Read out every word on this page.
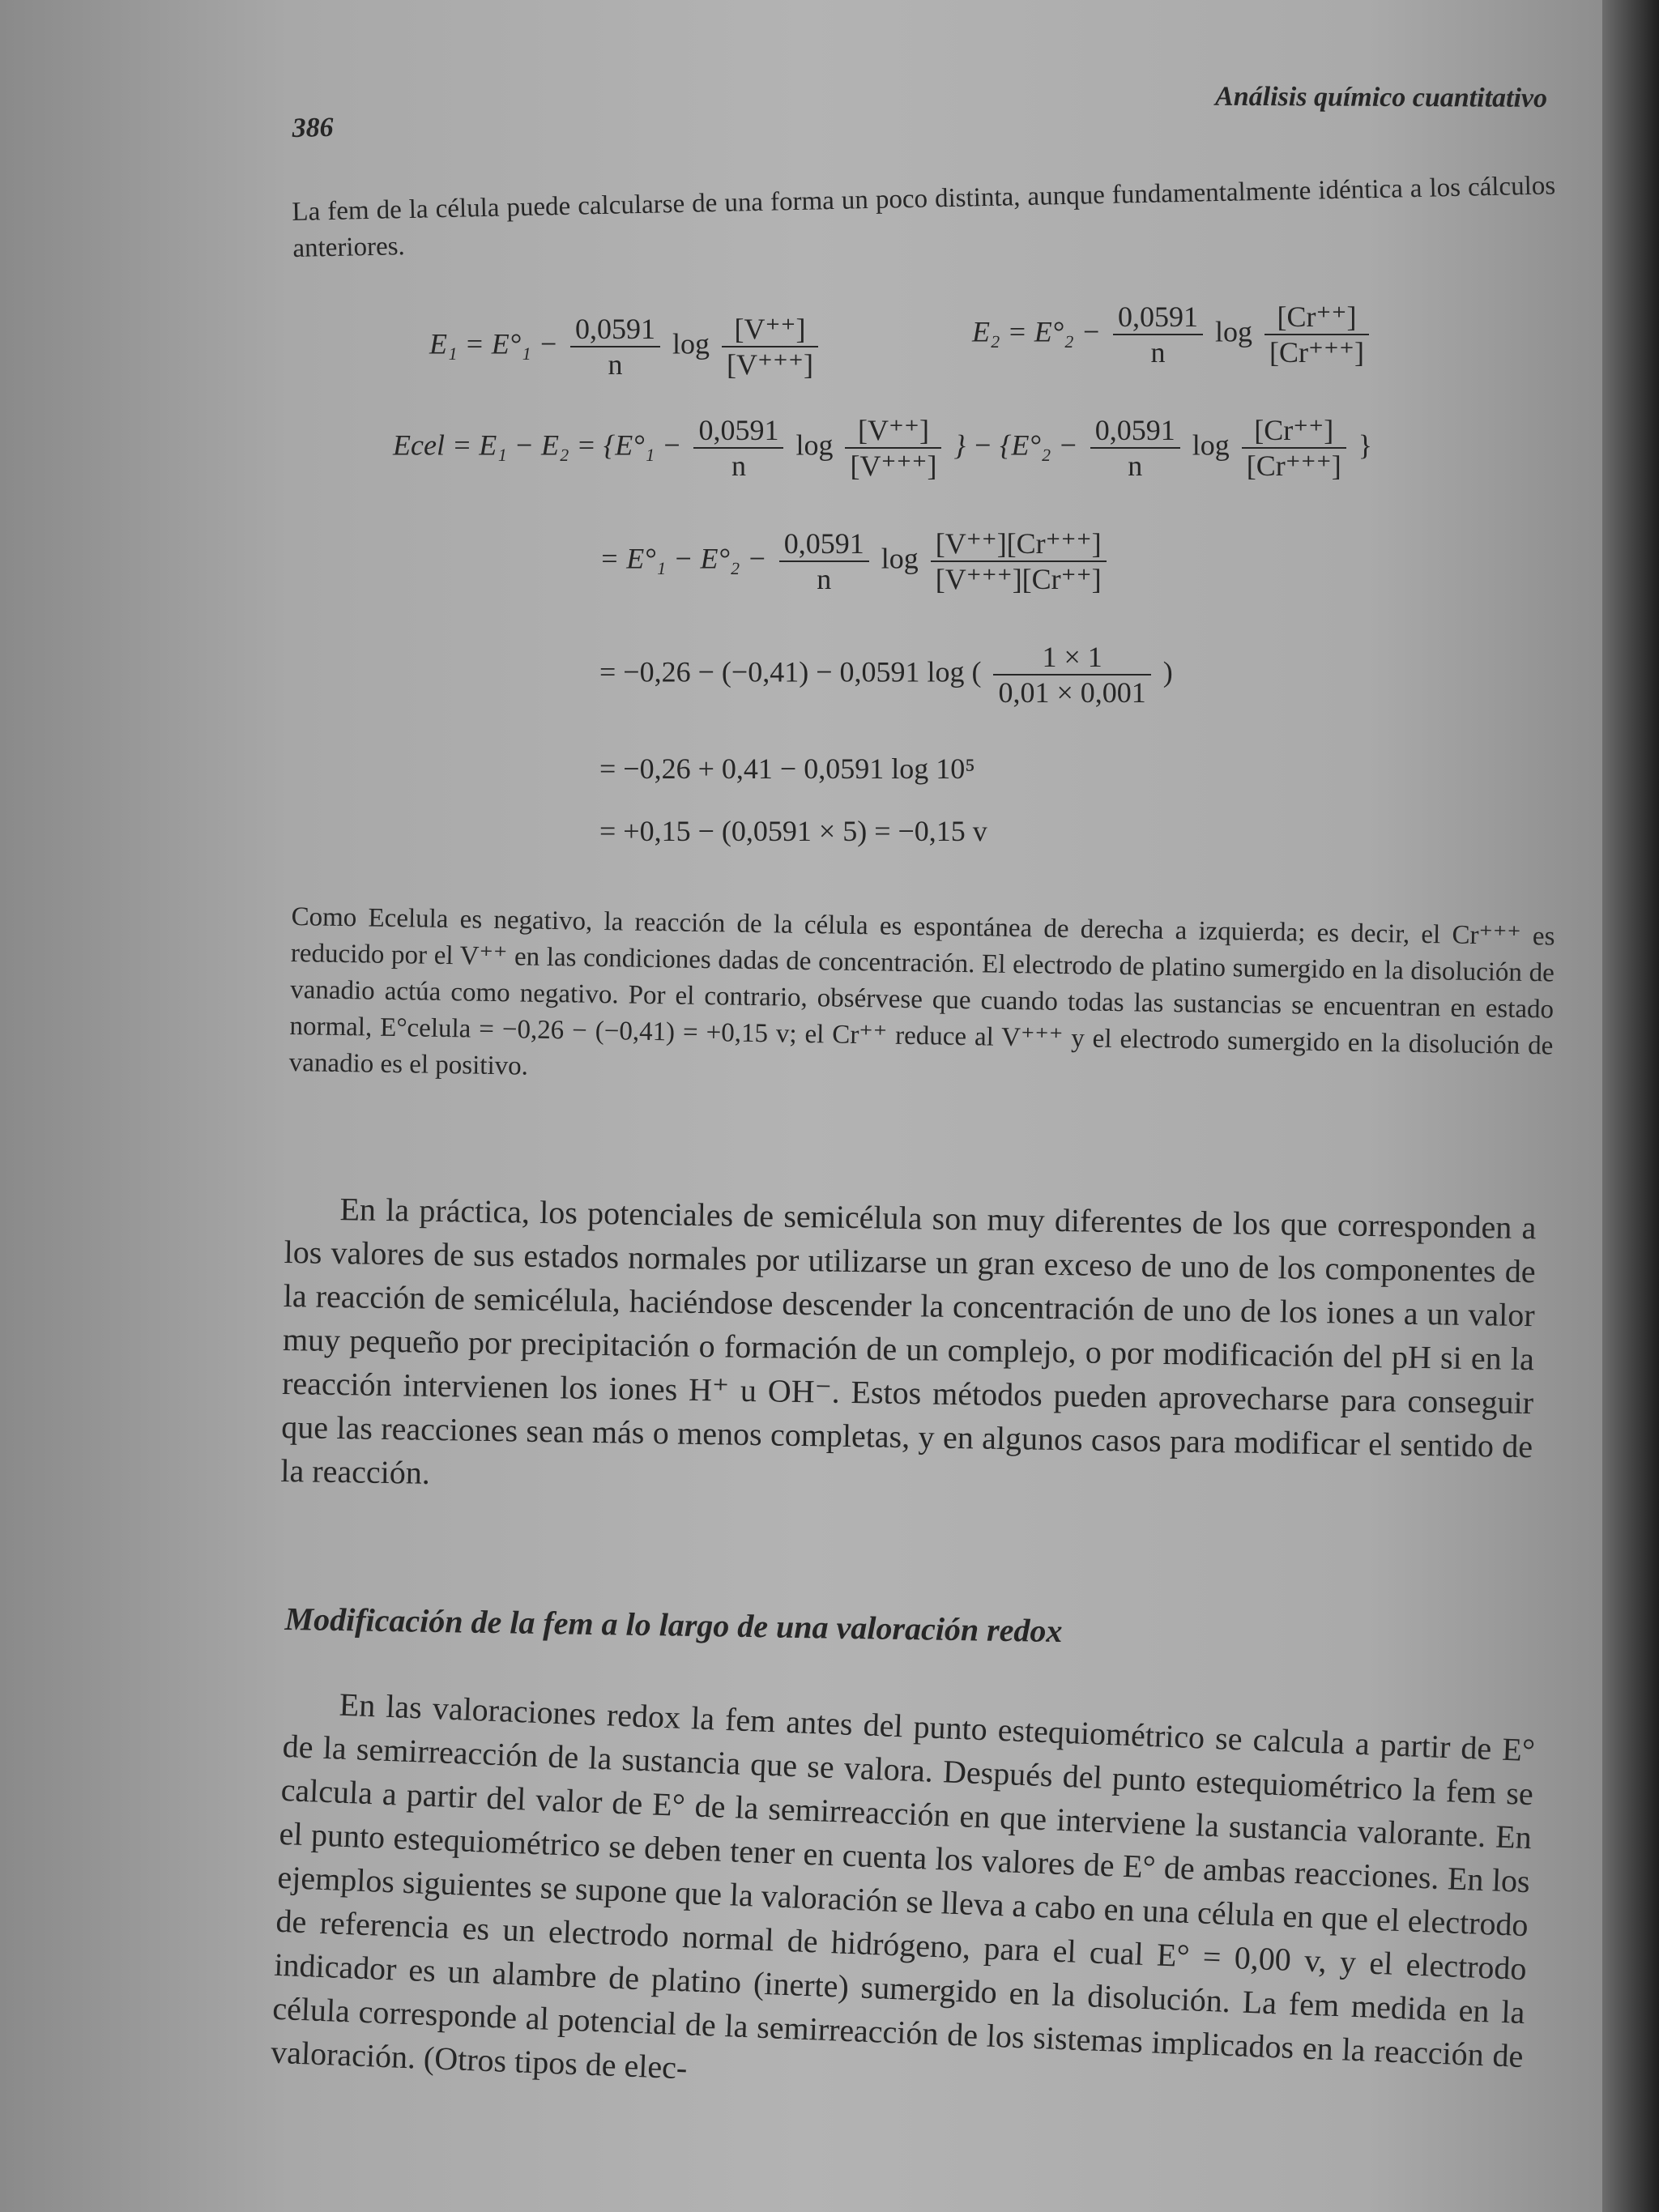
386
Análisis químico cuantitativo
La fem de la célula puede calcularse de una forma un poco distinta, aunque fundamentalmente idéntica a los cálculos anteriores.
$E_1 = E^\circ_1 - \frac{0,0591}{n}$ $\log \frac{[V^{++}]}{[V^{+++}]}$	$E_2 = E^\circ_2 - \frac{0,0591}{n}$ $\log \frac{[Cr^{++}]}{[Cr^{+++}]}$
Ecel = $E_1 - E_2 = \{E^\circ_1 - \frac{0,0591}{n}$ $\log \frac{[V^{++}]}{[V^{+++}]}$ } − {$E^\circ_2 - \frac{0,0591}{n}$ $\log \frac{[Cr^{++}]}{[Cr^{+++}]}$ }
= $E^\circ_1 - E^\circ_2 - \frac{0,0591}{n}$ $\log \frac{[V^{++}][Cr^{+++}]}{[V^{+++}][Cr^{++}]}$
= −0,26 − (−0,41) − 0,0591 log ( $\frac{1 \times 1}{0,01 \times 0,001}$ )
= −0,26 + 0,41 − 0,0591 log 10⁵
= +0,15 − (0,0591 × 5) = −0,15 v
Como Ecelula es negativo, la reacción de la célula es espontánea de derecha a izquierda; es decir, el Cr⁺⁺⁺ es reducido por el V⁺⁺ en las condiciones dadas de concentración. El electrodo de platino sumergido en la disolución de vanadio actúa como negativo. Por el contrario, obsérvese que cuando todas las sustancias se encuentran en estado normal, E°celula = −0,26 − (−0,41) = +0,15 v; el Cr⁺⁺ reduce al V⁺⁺⁺ y el electrodo sumergido en la disolución de vanadio es el positivo.
En la práctica, los potenciales de semicélula son muy diferentes de los que corresponden a los valores de sus estados normales por utilizarse un gran exceso de uno de los componentes de la reacción de semicélula, haciéndose descender la concentración de uno de los iones a un valor muy pequeño por precipitación o formación de un complejo, o por modificación del pH si en la reacción intervienen los iones H⁺ u OH⁻. Estos métodos pueden aprovecharse para conseguir que las reacciones sean más o menos completas, y en algunos casos para modificar el sentido de la reacción.
Modificación de la fem a lo largo de una valoración redox
En las valoraciones redox la fem antes del punto estequiométrico se calcula a partir de E° de la semirreacción de la sustancia que se valora. Después del punto estequiométrico la fem se calcula a partir del valor de E° de la semirreacción en que interviene la sustancia valorante. En el punto estequiométrico se deben tener en cuenta los valores de E° de ambas reacciones. En los ejemplos siguientes se supone que la valoración se lleva a cabo en una célula en que el electrodo de referencia es un electrodo normal de hidrógeno, para el cual E° = 0,00 v, y el electrodo indicador es un alambre de platino (inerte) sumergido en la disolución. La fem medida en la célula corresponde al potencial de la semirreacción de los sistemas implicados en la reacción de valoración. (Otros tipos de elec-
